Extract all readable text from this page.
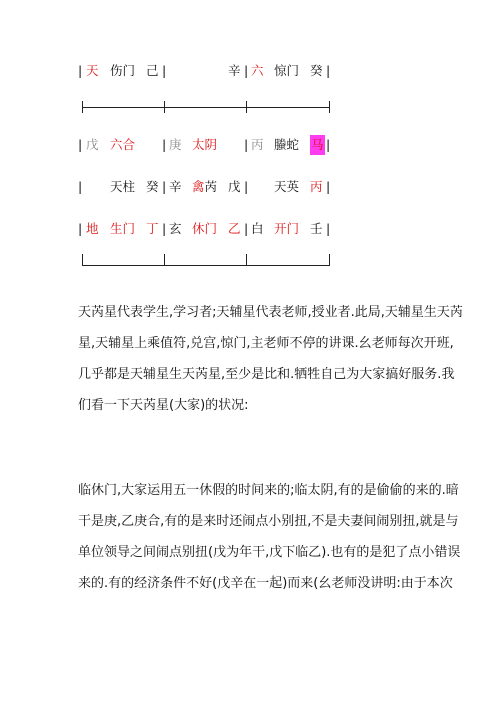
| 天 伤门 己 |	辛 | 六 惊门 癸 |
| 戊 六合 | 庚 太阴 | 丙 螣蛇 马 |
| 天柱 癸 | 辛 禽芮 戊 | 天英 丙 |
| 地 生门 丁 | 玄 休门 乙 | 白 开门 壬 |
天芮星代表学生,学习者;天辅星代表老师,授业者.此局,天辅星生天芮
星,天辅星上乘值符,兑宫,惊门,主老师不停的讲课.幺老师每次开班,
几乎都是天辅星生天芮星,至少是比和.牺牲自己为大家搞好服务.我
们看一下天芮星(大家)的状况:
临休门,大家运用五一休假的时间来的;临太阴,有的是偷偷的来的.暗
干是庚,乙庚合,有的是来时还闹点小别扭,不是夫妻间闹别扭,就是与
单位领导之间闹点别扭(戊为年干,戊下临乙).也有的是犯了点小错误
来的.有的经济条件不好(戊辛在一起)而来(幺老师没讲明:由于本次
